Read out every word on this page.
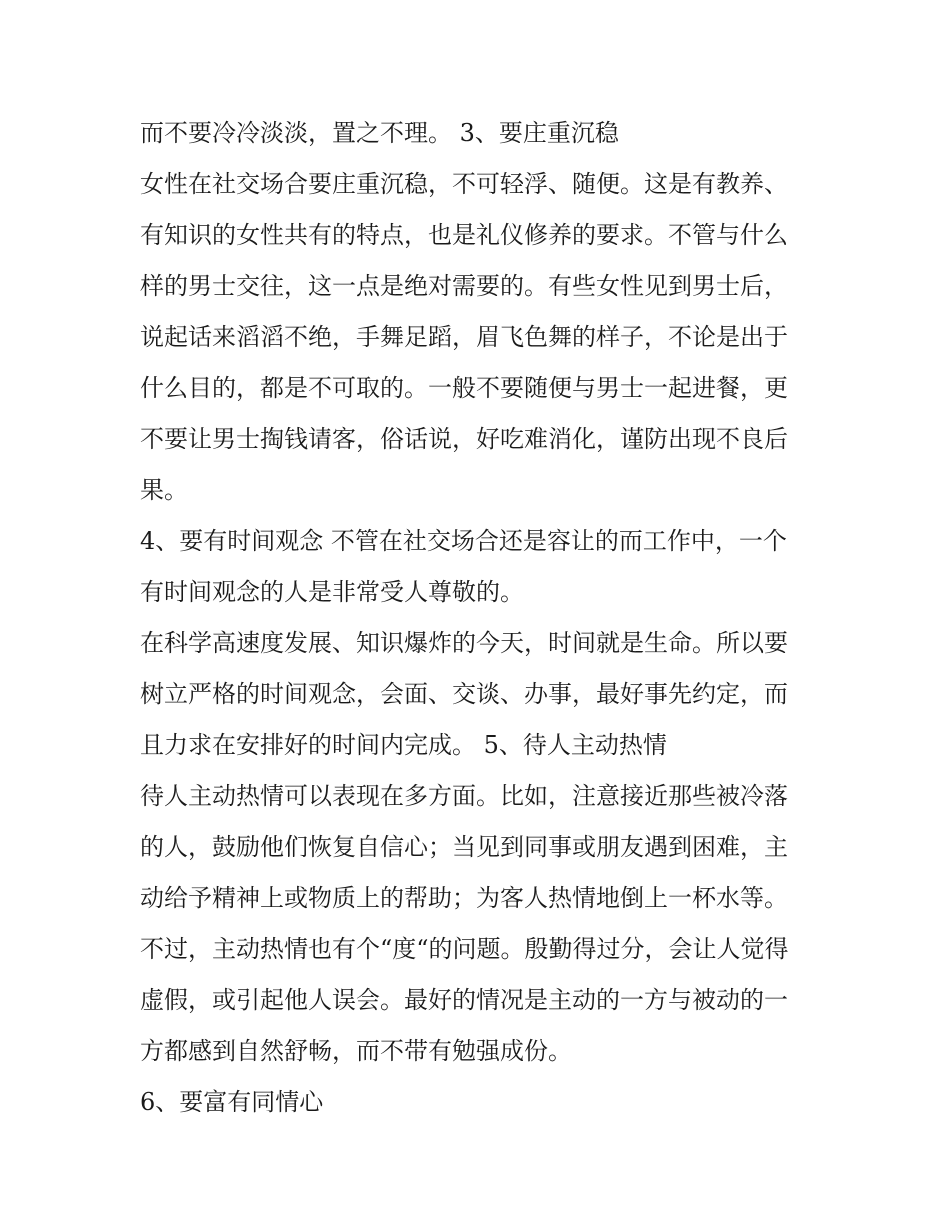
而不要冷冷淡淡，置之不理。 3、要庄重沉稳
女性在社交场合要庄重沉稳，不可轻浮、随便。这是有教养、
有知识的女性共有的特点，也是礼仪修养的要求。不管与什么
样的男士交往，这一点是绝对需要的。有些女性见到男士后，
说起话来滔滔不绝，手舞足蹈，眉飞色舞的样子，不论是出于
什么目的，都是不可取的。一般不要随便与男士一起进餐，更
不要让男士掏钱请客，俗话说，好吃难消化，谨防出现不良后
果。
4、要有时间观念 不管在社交场合还是容让的而工作中，一个
有时间观念的人是非常受人尊敬的。
在科学高速度发展、知识爆炸的今天，时间就是生命。所以要
树立严格的时间观念，会面、交谈、办事，最好事先约定，而
且力求在安排好的时间内完成。 5、待人主动热情
待人主动热情可以表现在多方面。比如，注意接近那些被冷落
的人，鼓励他们恢复自信心；当见到同事或朋友遇到困难，主
动给予精神上或物质上的帮助；为客人热情地倒上一杯水等。
不过，主动热情也有个“度“的问题。殷勤得过分，会让人觉得
虚假，或引起他人误会。最好的情况是主动的一方与被动的一
方都感到自然舒畅，而不带有勉强成份。
6、要富有同情心
